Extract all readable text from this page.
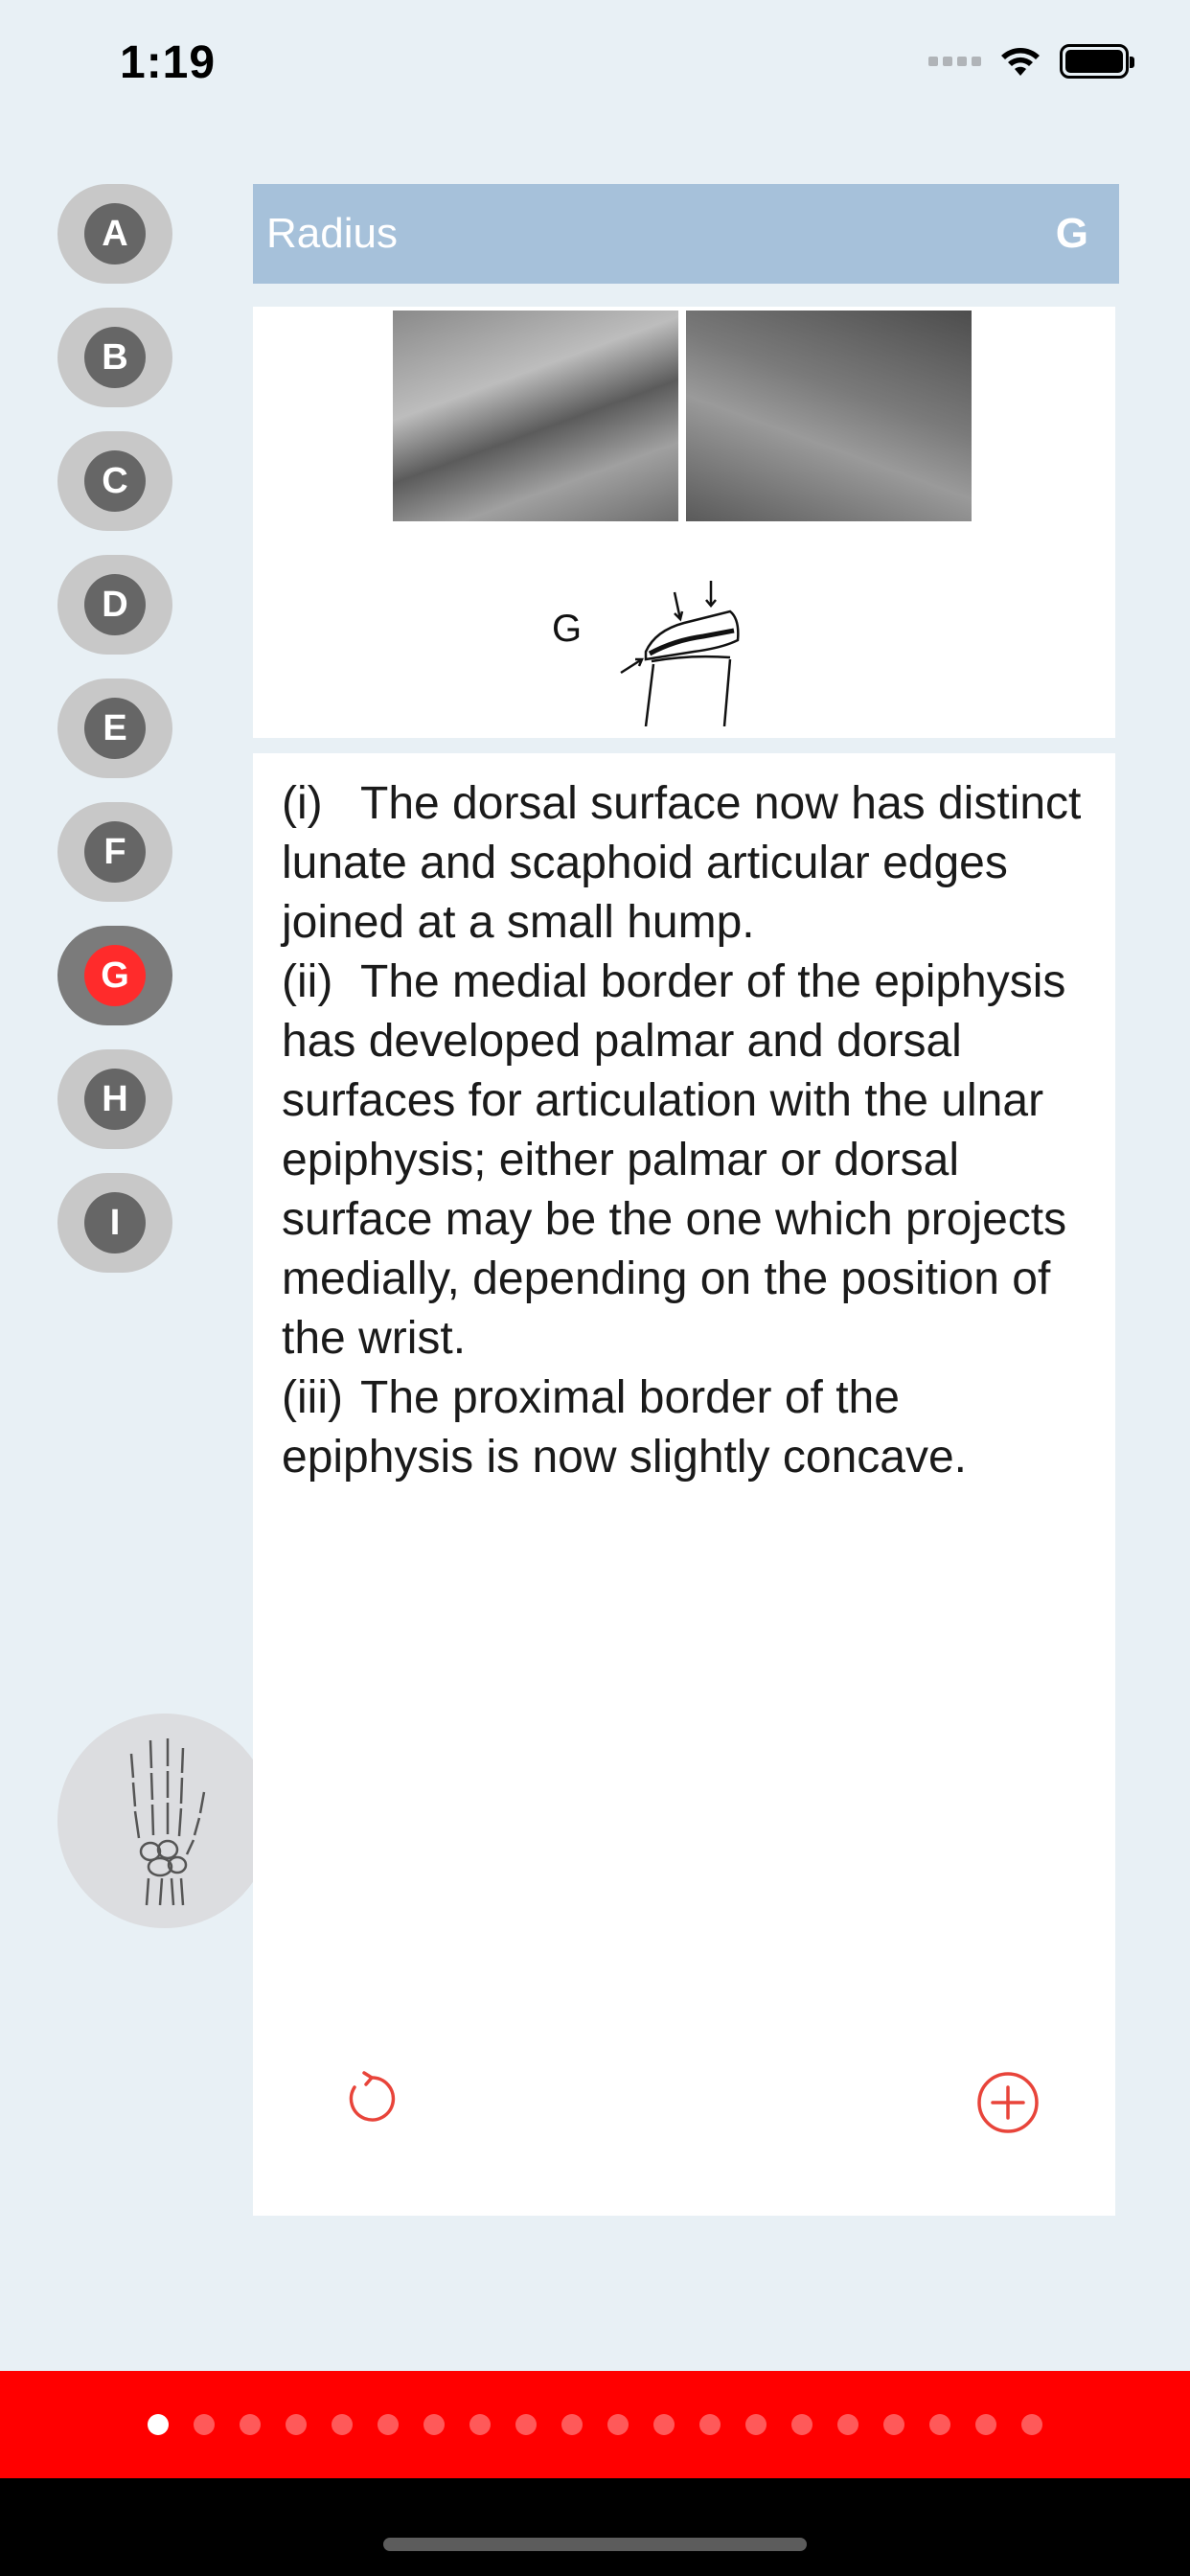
1:19
A
B
C
D
E
F
G
H
I
Radius	G
G
(i) The dorsal surface now has distinct lunate and scaphoid articular edges joined at a small hump.
(ii) The medial border of the epiphysis has developed palmar and dorsal surfaces for articulation with the ulnar epiphysis; either palmar or dorsal surface may be the one which projects medially, depending on the position of the wrist.
(iii) The proximal border of the epiphysis is now slightly concave.
